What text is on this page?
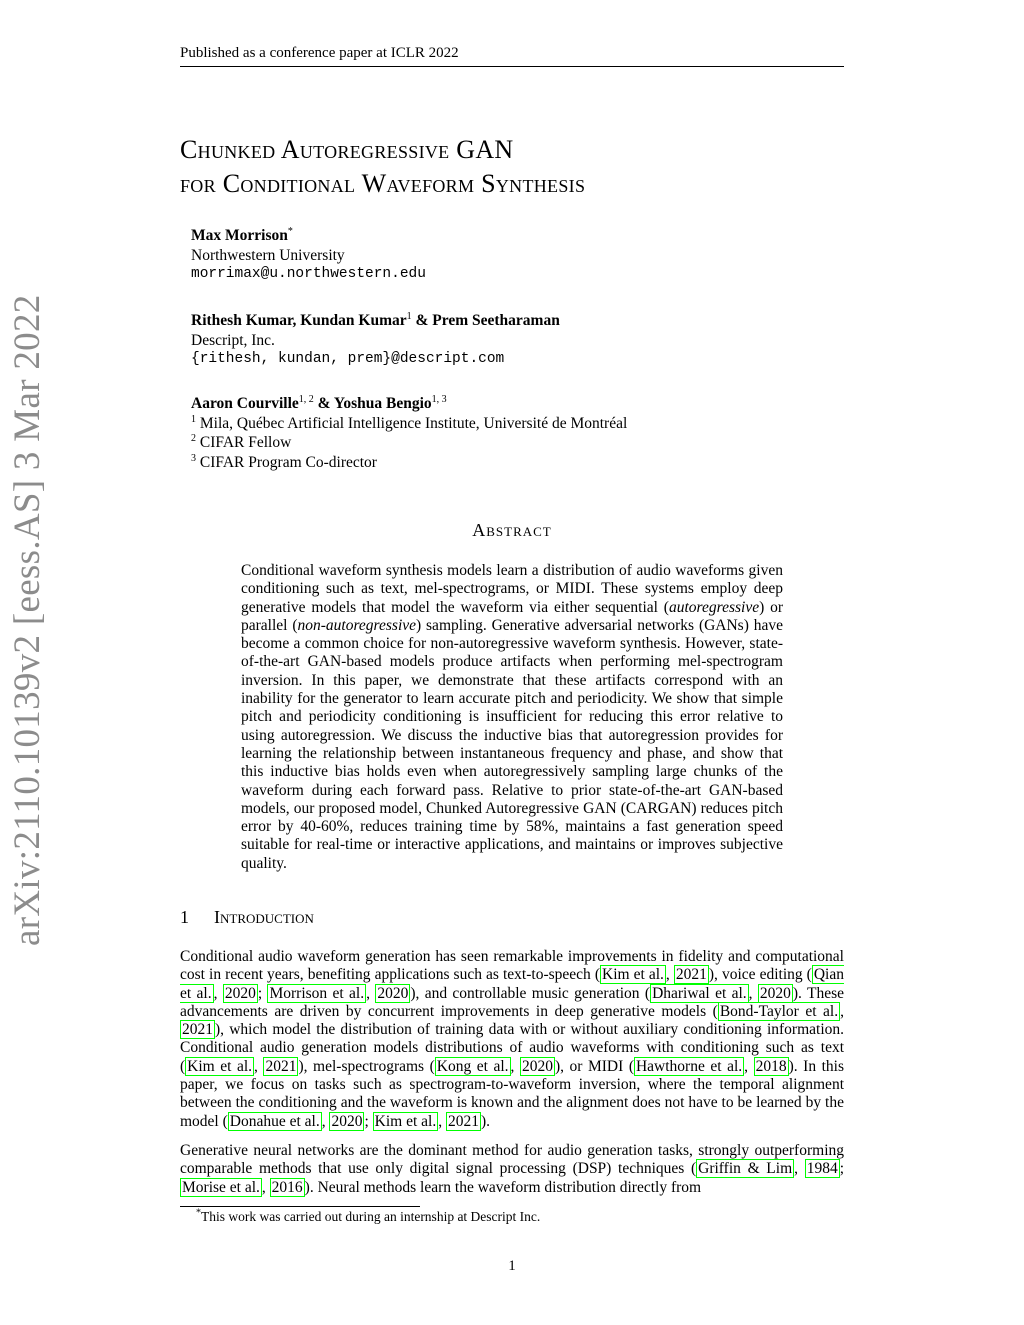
Published as a conference paper at ICLR 2022
Chunked Autoregressive GAN
for Conditional Waveform Synthesis
Max Morrison*
Northwestern University
morrimax@u.northwestern.edu
Rithesh Kumar, Kundan Kumar$^1$ & Prem Seetharaman
Descript, Inc.
{rithesh, kundan, prem}@descript.com
Aaron Courville$^{1, 2}$ & Yoshua Bengio$^{1, 3}$
$^1$ Mila, Québec Artificial Intelligence Institute, Université de Montréal
$^2$ CIFAR Fellow
$^3$ CIFAR Program Co-director
Abstract
Conditional waveform synthesis models learn a distribution of audio waveforms given conditioning such as text, mel-spectrograms, or MIDI. These systems employ deep generative models that model the waveform via either sequential (autoregressive) or parallel (non-autoregressive) sampling. Generative adversarial networks (GANs) have become a common choice for non-autoregressive waveform synthesis. However, state-of-the-art GAN-based models produce artifacts when performing mel-spectrogram inversion. In this paper, we demonstrate that these artifacts correspond with an inability for the generator to learn accurate pitch and periodicity. We show that simple pitch and periodicity conditioning is insufficient for reducing this error relative to using autoregression. We discuss the inductive bias that autoregression provides for learning the relationship between instantaneous frequency and phase, and show that this inductive bias holds even when autoregressively sampling large chunks of the waveform during each forward pass. Relative to prior state-of-the-art GAN-based models, our proposed model, Chunked Autoregressive GAN (CARGAN) reduces pitch error by 40-60%, reduces training time by 58%, maintains a fast generation speed suitable for real-time or interactive applications, and maintains or improves subjective quality.
1 Introduction
Conditional audio waveform generation has seen remarkable improvements in fidelity and computational cost in recent years, benefiting applications such as text-to-speech ( Kim et al. , 2021 ), voice editing ( Qian et al. , 2020 ; Morrison et al. , 2020 ), and controllable music generation ( Dhariwal et al. , 2020 ). These advancements are driven by concurrent improvements in deep generative models ( Bond-Taylor et al. , 2021 ), which model the distribution of training data with or without auxiliary conditioning information. Conditional audio generation models distributions of audio waveforms with conditioning such as text ( Kim et al. , 2021 ), mel-spectrograms ( Kong et al. , 2020 ), or MIDI ( Hawthorne et al. , 2018 ). In this paper, we focus on tasks such as spectrogram-to-waveform inversion, where the temporal alignment between the conditioning and the waveform is known and the alignment does not have to be learned by the model ( Donahue et al. , 2020 ; Kim et al. , 2021 ).
Generative neural networks are the dominant method for audio generation tasks, strongly outperforming comparable methods that use only digital signal processing (DSP) techniques ( Griffin & Lim , 1984 ; Morise et al. , 2016 ). Neural methods learn the waveform distribution directly from
*This work was carried out during an internship at Descript Inc.
1
arXiv:2110.10139v2 [eess.AS] 3 Mar 2022
